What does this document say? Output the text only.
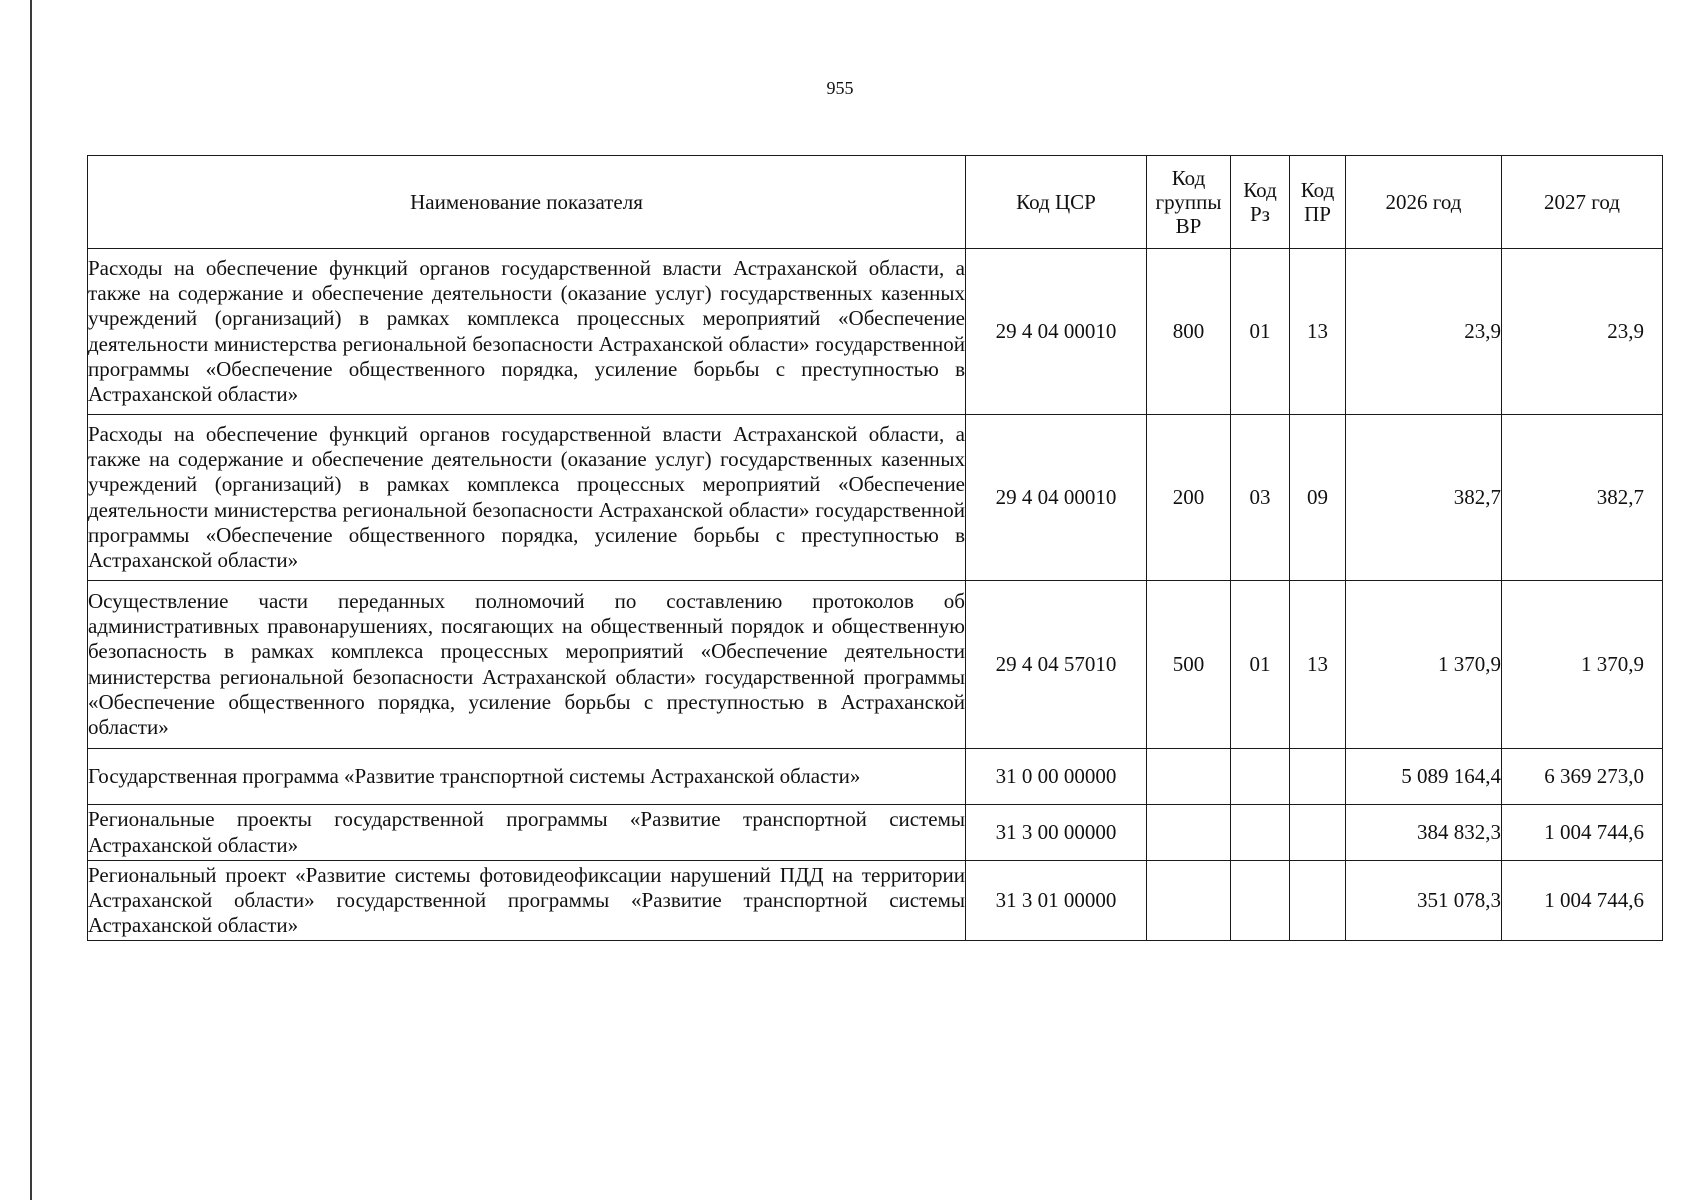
955
Наименование показателя	Код ЦСР	Код группы ВР	Код Рз	Код ПР	2026 год	2027 год
Расходы на обеспечение функций органов государственной власти Астраханской области, а также на содержание и обеспечение деятельности (оказание услуг) государственных казенных учреждений (организаций) в рамках комплекса процессных мероприятий «Обеспечение деятельности министерства региональной безопасности Астраханской области» государственной программы «Обеспечение общественного порядка, усиление борьбы с преступностью в Астраханской области»	29 4 04 00010	800	01	13	23,9	23,9
Расходы на обеспечение функций органов государственной власти Астраханской области, а также на содержание и обеспечение деятельности (оказание услуг) государственных казенных учреждений (организаций) в рамках комплекса процессных мероприятий «Обеспечение деятельности министерства региональной безопасности Астраханской области» государственной программы «Обеспечение общественного порядка, усиление борьбы с преступностью в Астраханской области»	29 4 04 00010	200	03	09	382,7	382,7
Осуществление части переданных полномочий по составлению протоколов об административных правонарушениях, посягающих на общественный порядок и общественную безопасность в рамках комплекса процессных мероприятий «Обеспечение деятельности министерства региональной безопасности Астраханской области» государственной программы «Обеспечение общественного порядка, усиление борьбы с преступностью в Астраханской области»	29 4 04 57010	500	01	13	1 370,9	1 370,9
Государственная программа «Развитие транспортной системы Астраханской области»	31 0 00 00000				5 089 164,4	6 369 273,0
Региональные проекты государственной программы «Развитие транспортной системы Астраханской области»	31 3 00 00000				384 832,3	1 004 744,6
Региональный проект «Развитие системы фотовидеофиксации нарушений ПДД на территории Астраханской области» государственной программы «Развитие транспортной системы Астраханской области»	31 3 01 00000				351 078,3	1 004 744,6
